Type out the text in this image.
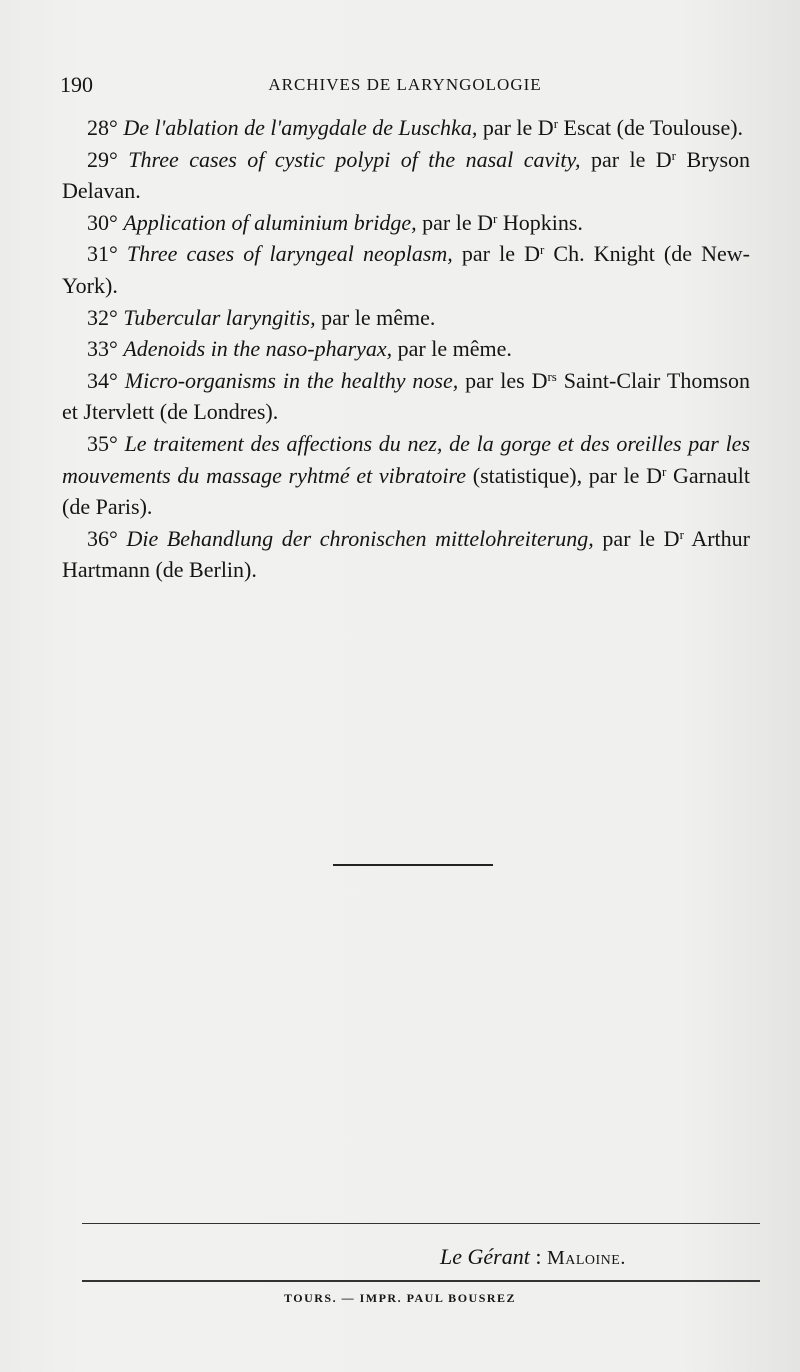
190	ARCHIVES DE LARYNGOLOGIE

28° De l'ablation de l'amygdale de Luschka, par le $D^r$ Escat (de Toulouse).

29° Three cases of cystic polypi of the nasal cavity, par le $D^r$ Bryson Delavan.

30° Application of aluminium bridge, par le $D^r$ Hopkins.

31° Three cases of laryngeal neoplasm, par le $D^r$ Ch. Knight (de New-York).

32° Tubercular laryngitis, par le même.

33° Adenoids in the naso-pharyax, par le même.

34° Micro-organisms in the healthy nose, par les $D^{rs}$ Saint-Clair Thomson et Jtervlett (de Londres).

35° Le traitement des affections du nez, de la gorge et des oreilles par les mouvements du massage ryhtmé et vibratoire (statistique), par le $D^r$ Garnault (de Paris).

36° Die Behandlung der chronischen mittelohreiterung, par le $D^r$ Arthur Hartmann (de Berlin).

Le Gérant : Maloine.
TOURS. — IMPR. PAUL BOUSREZ
